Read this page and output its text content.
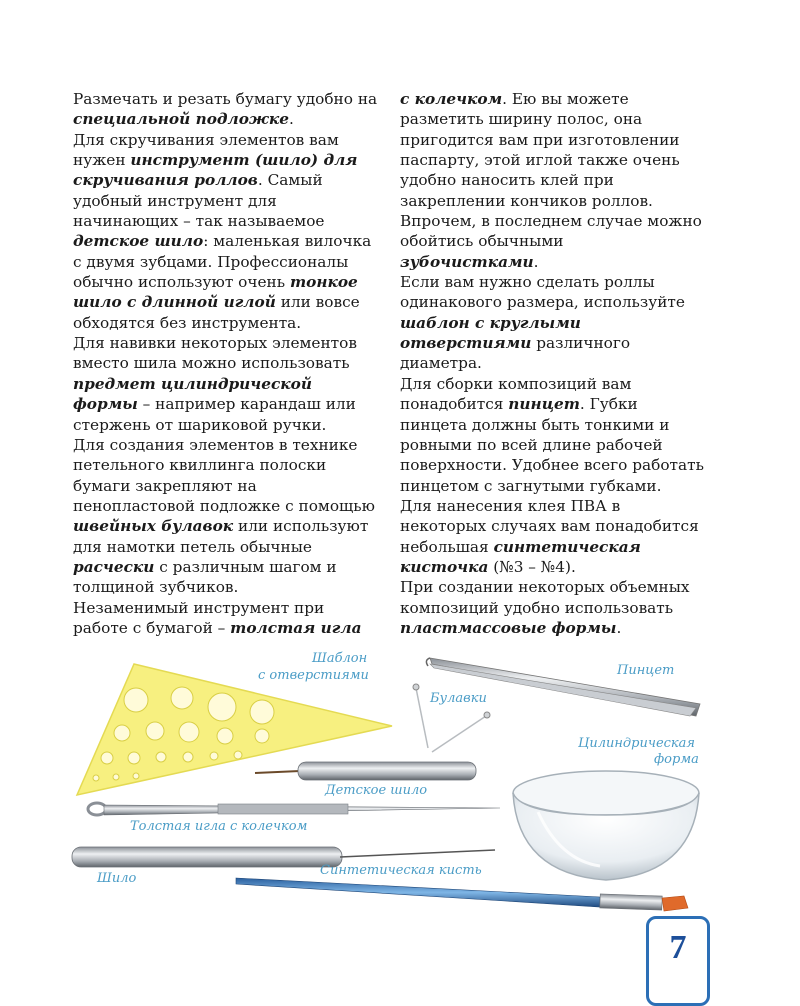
Размечать и резать бумагу удобно на специальной подложке.

Для скручивания элементов вам нужен инструмент (шило) для скручивания роллов. Самый удобный инструмент для начинающих – так называемое детское шило: маленькая вилочка с двумя зубцами. Профессионалы обычно используют очень тонкое шило с длинной иглой или вовсе обходятся без инструмента.

Для навивки некоторых элементов вместо шила можно использовать предмет цилиндрической формы – например карандаш или стержень от шариковой ручки.

Для создания элементов в технике петельного квиллинга полоски бумаги закрепляют на пенопластовой подложке с помощью швейных булавок или используют для намотки петель обычные расчески с различным шагом и толщиной зубчиков.

Незаменимый инструмент при работе с бумагой – толстая игла

с колечком. Ею вы можете разметить ширину полос, она пригодится вам при изготовлении паспарту, этой иглой также очень удобно наносить клей при закреплении кончиков роллов. Впрочем, в последнем случае можно обойтись обычными зубочистками.

Если вам нужно сделать роллы одинакового размера, используйте шаблон с круглыми отверстиями различного диаметра.

Для сборки композиций вам понадобится пинцет. Губки пинцета должны быть тонкими и ровными по всей длине рабочей поверхности. Удобнее всего работать пинцетом с загнутыми губками.

Для нанесения клея ПВА в некоторых случаях вам понадобится небольшая синтетическая кисточка (№3 – №4).

При создании некоторых объемных композиций удобно использовать пластмассовые формы.

Шаблон
с отверстиями	Пинцет
Булавки
Цилиндрическая
форма
Детское шило
Толстая игла с колечком
Шило
Синтетическая кисть
7
